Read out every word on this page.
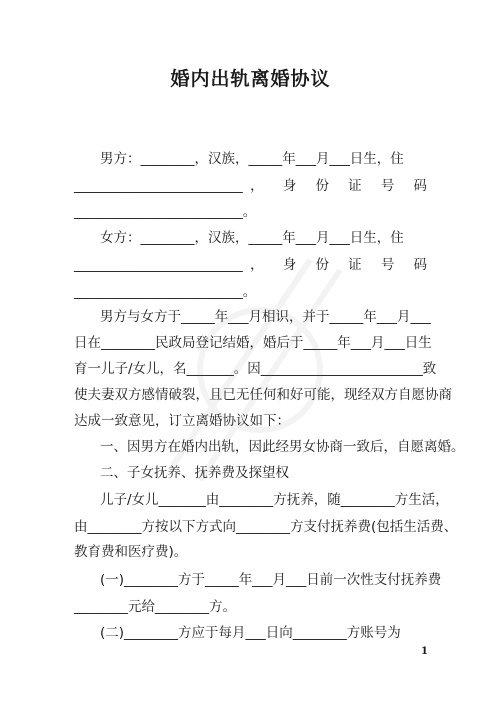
婚内出轨离婚协议
男方：________，汉族，_____年___月___日生，住
_________________________， 身 份 证 号 码
_________________________。
女方：________，汉族，_____年___月___日生，住
_________________________， 身 份 证 号 码
_________________________。
男方与女方于_____年___月相识，并于_____年___月___
日在________民政局登记结婚，婚后于_____年___月___日生
育一儿子/女儿，名_______。因________________________致
使夫妻双方感情破裂，且已无任何和好可能，现经双方自愿协商
达成一致意见，订立离婚协议如下：
一、因男方在婚内出轨，因此经男女协商一致后，自愿离婚。
二、子女抚养、抚养费及探望权
儿子/女儿_______由________方抚养，随________方生活，
由________方按以下方式向________方支付抚养费(包括生活费、
教育费和医疗费)。
(一)________方于_____年___月___日前一次性支付抚养费
________元给________方。
(二)________方应于每月___日向________方账号为
1
